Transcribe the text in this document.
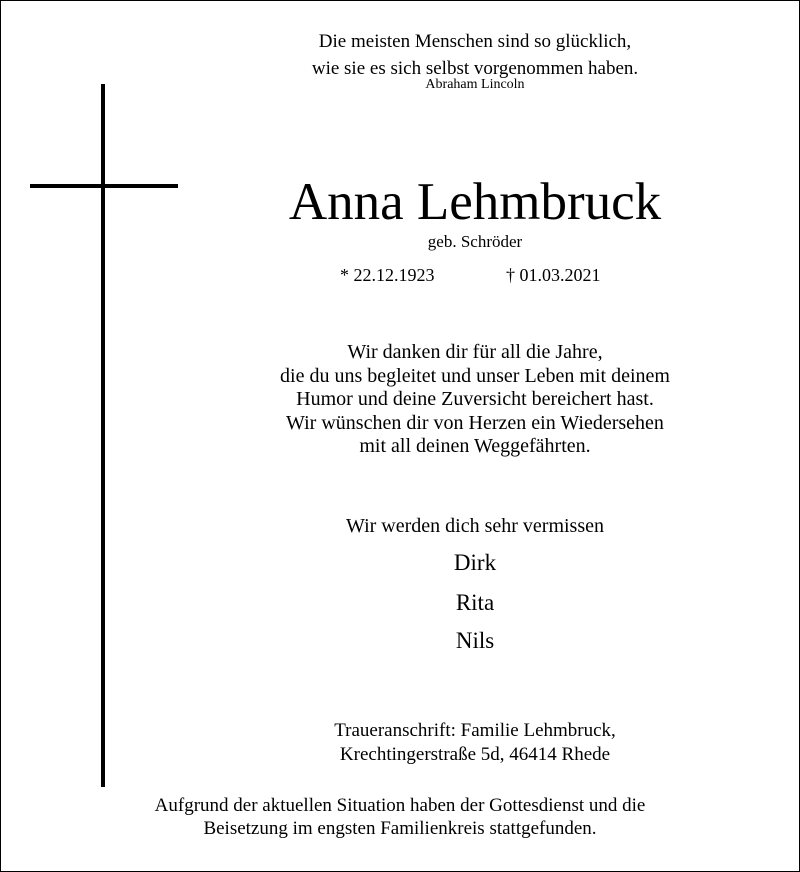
Die meisten Menschen sind so glücklich,
wie sie es sich selbst vorgenommen haben.
Abraham Lincoln
Anna Lehmbruck
geb. Schröder
* 22.12.1923	† 01.03.2021
Wir danken dir für all die Jahre,
die du uns begleitet und unser Leben mit deinem
Humor und deine Zuversicht bereichert hast.
Wir wünschen dir von Herzen ein Wiedersehen
mit all deinen Weggefährten.
Wir werden dich sehr vermissen
Dirk
Rita
Nils
Traueranschrift: Familie Lehmbruck,
Krechtingerstraße 5d, 46414 Rhede
Aufgrund der aktuellen Situation haben der Gottesdienst und die
Beisetzung im engsten Familienkreis stattgefunden.
